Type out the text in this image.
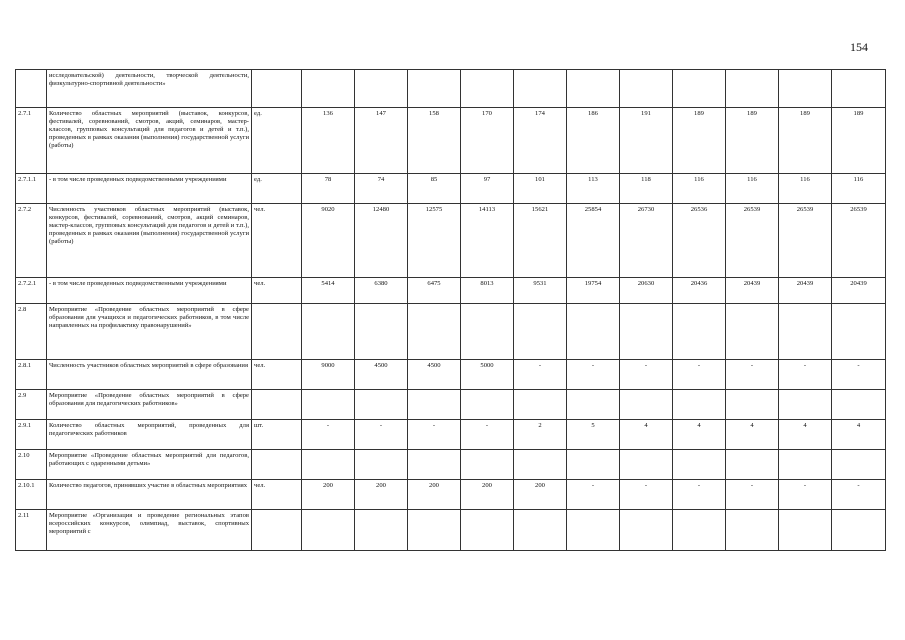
154
	исследовательской) деятельности, творческой деятельности, физкультурно-спортивной деятельности»												
2.7.1	Количество областных мероприятий (выставок, конкурсов, фестивалей, соревнований, смотров, акций, семинаров, мастер-классов, групповых консультаций для педагогов и детей и т.п.), проведенных в рамках оказания (выполнения) государственной услуги (работы)	ед.	136	147	158	170	174	186	191	189	189	189	189
2.7.1.1	- в том числе проведенных подведомственными учреждениями	ед.	78	74	85	97	101	113	118	116	116	116	116
2.7.2	Численность участников областных мероприятий (выставок, конкурсов, фестивалей, соревнований, смотров, акций семинаров, мастер-классов, групповых консультаций для педагогов и детей и т.п.), проведенных в рамках оказания (выполнения) государственной услуги (работы)	чел.	9020	12480	12575	14113	15621	25854	26730	26536	26539	26539	26539
2.7.2.1	- в том числе проведенных подведомственными учреждениями	чел.	5414	6380	6475	8013	9531	19754	20630	20436	20439	20439	20439
2.8	Мероприятие «Проведение областных мероприятий в сфере образования для учащихся и педагогических работников, в том числе направленных на профилактику правонарушений»												
2.8.1	Численность участников областных мероприятий в сфере образования	чел.	9000	4500	4500	5000	-	-	-	-	-	-	-
2.9	Мероприятие «Проведение областных мероприятий в сфере образования для педагогических работников»												
2.9.1	Количество областных мероприятий, проведенных для педагогических работников	шт.	-	-	-	-	2	5	4	4	4	4	4
2.10	Мероприятие «Проведение областных мероприятий для педагогов, работающих с одаренными детьми»												
2.10.1	Количество педагогов, принявших участие в областных мероприятиях	чел.	200	200	200	200	200	-	-	-	-	-	-
2.11	Мероприятие «Организация и проведение региональных этапов всероссийских конкурсов, олимпиад, выставок, спортивных мероприятий с												
